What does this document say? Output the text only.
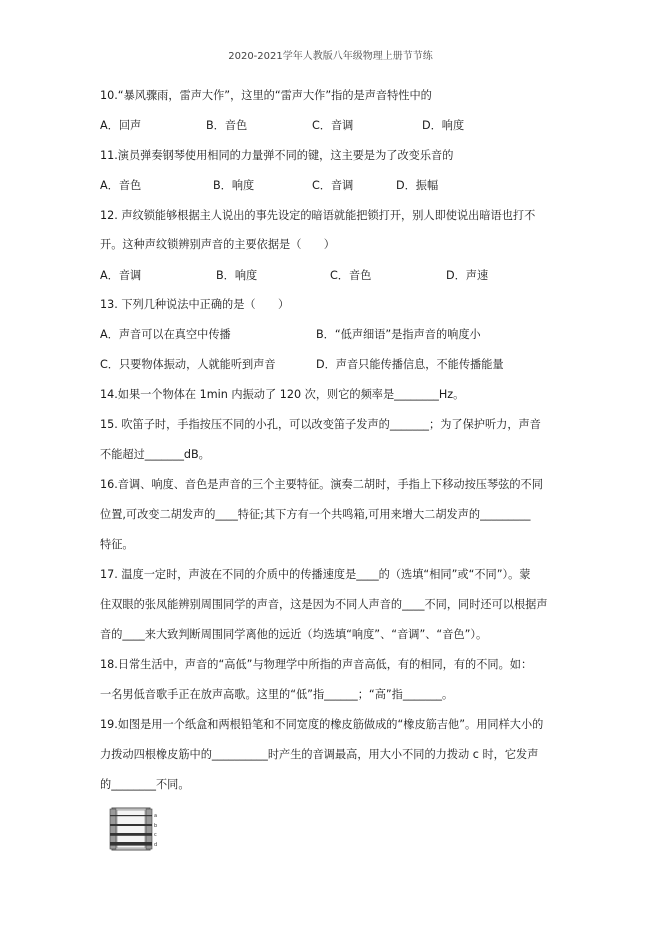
2020-2021学年人教版八年级物理上册节节练
10.“暴风骤雨，雷声大作”，这里的“雷声大作”指的是声音特性中的
A．回声	B．音色	C．音调	D．响度
11.演员弹奏钢琴使用相同的力量弹不同的键，这主要是为了改变乐音的
A．音色	B．响度	C．音调	D．振幅
12. 声纹锁能够根据主人说出的事先设定的暗语就能把锁打开，别人即使说出暗语也打不
开。这种声纹锁辨别声音的主要依据是（　　）
A．音调	B．响度	C．音色	D．声速
13. 下列几种说法中正确的是（　　）
A．声音可以在真空中传播	B．“低声细语”是指声音的响度小
C．只要物体振动，人就能听到声音	D．声音只能传播信息，不能传播能量
14.如果一个物体在 1min 内振动了 120 次，则它的频率是________Hz。
15. 吹笛子时，手指按压不同的小孔，可以改变笛子发声的_______；为了保护听力，声音
不能超过_______dB。
16.音调、响度、音色是声音的三个主要特征。演奏二胡时，手指上下移动按压琴弦的不同
位置,可改变二胡发声的____特征;其下方有一个共鸣箱,可用来增大二胡发声的_________
特征。
17. 温度一定时，声波在不同的介质中的传播速度是____的（选填“相同”或“不同”）。蒙
住双眼的张凤能辨别周围同学的声音，这是因为不同人声音的____不同，同时还可以根据声
音的____来大致判断周围同学离他的远近（均选填“响度”、“音调”、“音色”）。
18.日常生活中，声音的“高低”与物理学中所指的声音高低，有的相同，有的不同。如：
一名男低音歌手正在放声高歌。这里的“低”指______；“高”指_______。
19.如图是用一个纸盒和两根铅笔和不同宽度的橡皮筋做成的“橡皮筋吉他”。用同样大小的
力拨动四根橡皮筋中的__________时产生的音调最高，用大小不同的力拨动 c 时，它发声
的________不同。
a
b
c
d
